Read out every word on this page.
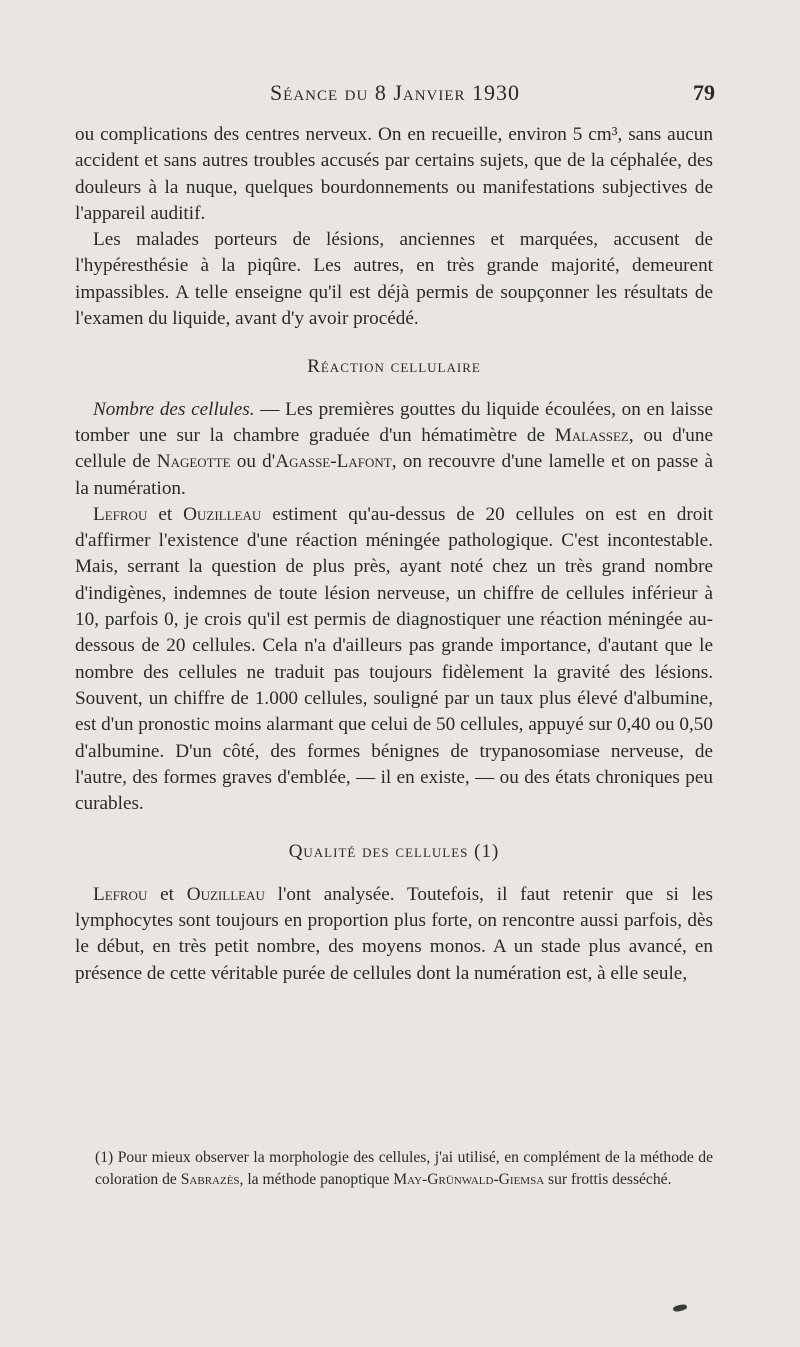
Séance du 8 Janvier 1930	79

ou complications des centres nerveux. On en recueille, environ 5 cm³, sans aucun accident et sans autres troubles accusés par certains sujets, que de la céphalée, des douleurs à la nuque, quelques bourdonnements ou manifestations subjectives de l'appareil auditif.

Les malades porteurs de lésions, anciennes et marquées, accusent de l'hypéresthésie à la piqûre. Les autres, en très grande majorité, demeurent impassibles. A telle enseigne qu'il est déjà permis de soupçonner les résultats de l'examen du liquide, avant d'y avoir procédé.

Réaction cellulaire

Nombre des cellules. — Les premières gouttes du liquide écoulées, on en laisse tomber une sur la chambre graduée d'un hématimètre de Malassez, ou d'une cellule de Nageotte ou d'Agasse-Lafont, on recouvre d'une lamelle et on passe à la numération.

Lefrou et Ouzilleau estiment qu'au-dessus de 20 cellules on est en droit d'affirmer l'existence d'une réaction méningée pathologique. C'est incontestable. Mais, serrant la question de plus près, ayant noté chez un très grand nombre d'indigènes, indemnes de toute lésion nerveuse, un chiffre de cellules inférieur à 10, parfois 0, je crois qu'il est permis de diagnostiquer une réaction méningée au-dessous de 20 cellules. Cela n'a d'ailleurs pas grande importance, d'autant que le nombre des cellules ne traduit pas toujours fidèlement la gravité des lésions. Souvent, un chiffre de 1.000 cellules, souligné par un taux plus élevé d'albumine, est d'un pronostic moins alarmant que celui de 50 cellules, appuyé sur 0,40 ou 0,50 d'albumine. D'un côté, des formes bénignes de trypanosomiase nerveuse, de l'autre, des formes graves d'emblée, — il en existe, — ou des états chroniques peu curables.

Qualité des cellules (1)

Lefrou et Ouzilleau l'ont analysée. Toutefois, il faut retenir que si les lymphocytes sont toujours en proportion plus forte, on rencontre aussi parfois, dès le début, en très petit nombre, des moyens monos. A un stade plus avancé, en présence de cette véritable purée de cellules dont la numération est, à elle seule,

(1) Pour mieux observer la morphologie des cellules, j'ai utilisé, en complément de la méthode de coloration de Sabrazès, la méthode panoptique May-Grünwald-Giemsa sur frottis desséché.
